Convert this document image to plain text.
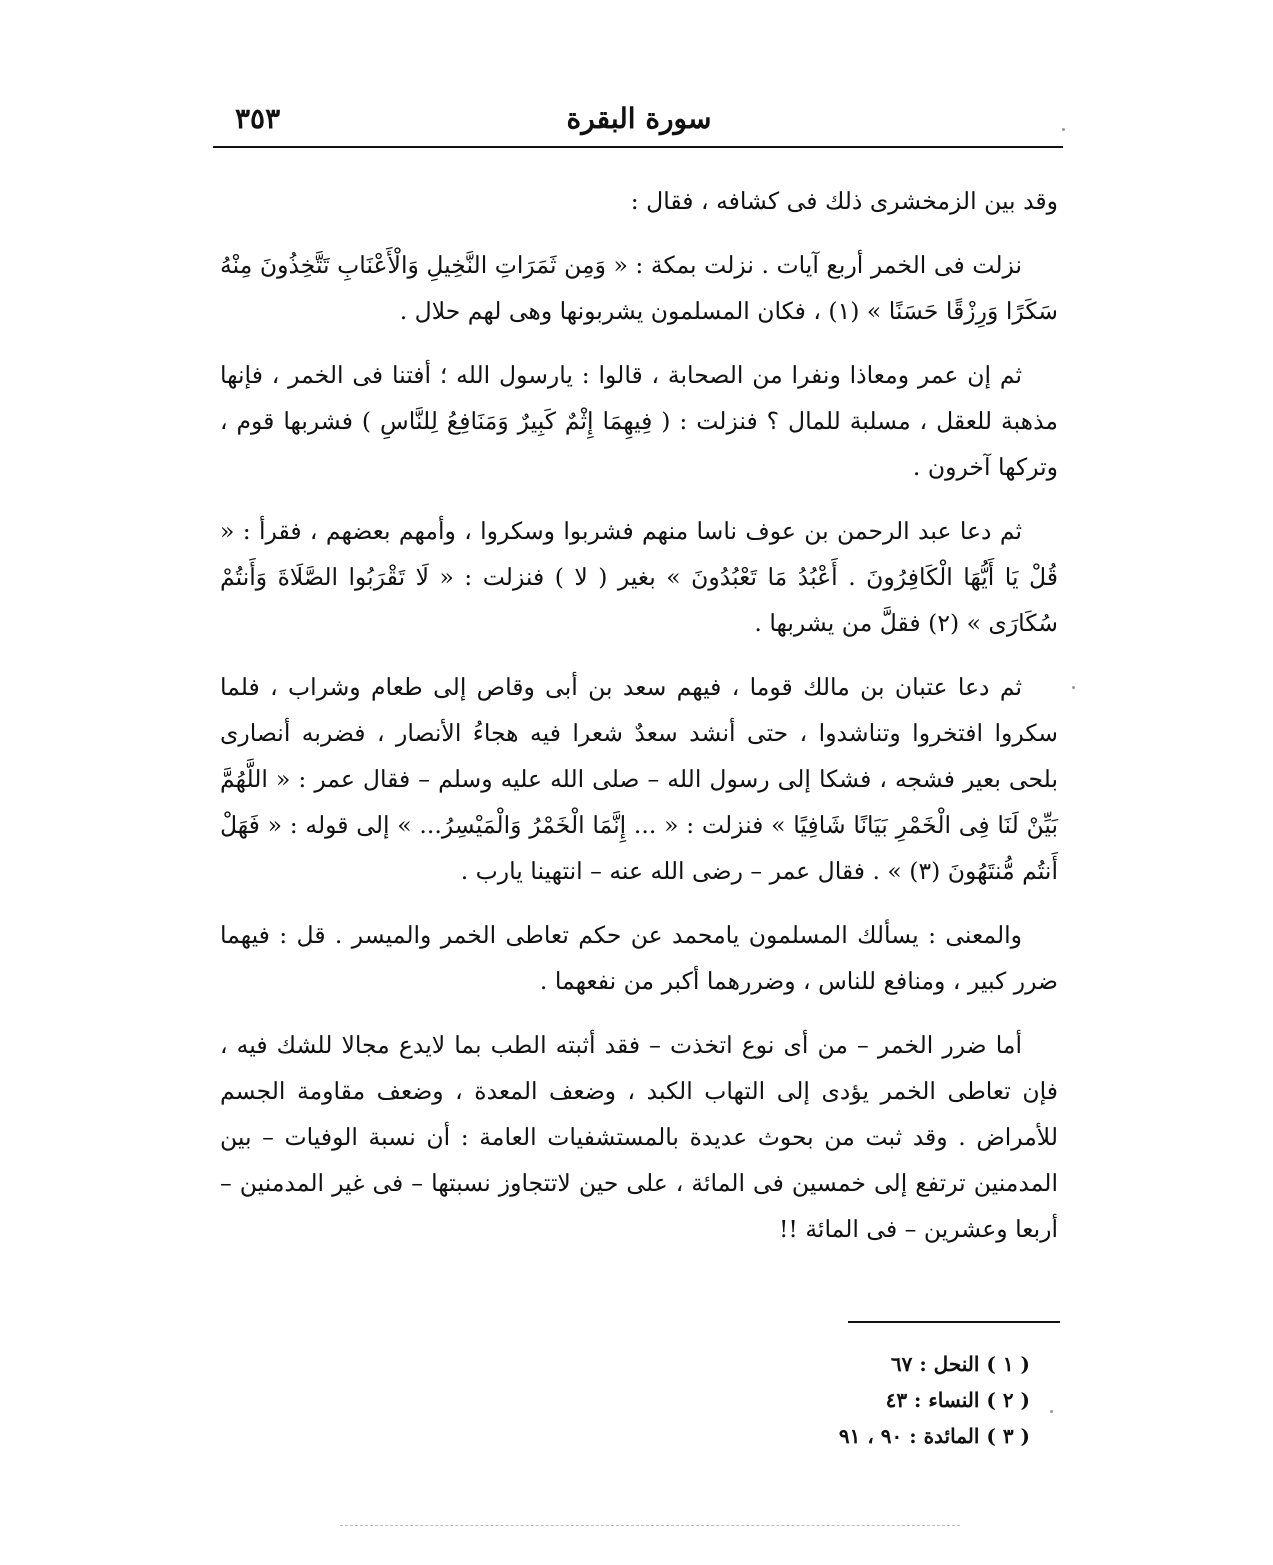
سورة البقرة
٣٥٣

وقد بين الزمخشرى ذلك فى كشافه ، فقال :

نزلت فى الخمر أربع آيات . نزلت بمكة : « وَمِن ثَمَرَاتِ النَّخِيلِ وَالْأَعْنَابِ تَتَّخِذُونَ مِنْهُ سَكَرًا وَرِزْقًا حَسَنًا » (١) ، فكان المسلمون يشربونها وهى لهم حلال .

ثم إن عمر ومعاذا ونفرا من الصحابة ، قالوا : يارسول الله ؛ أفتنا فى الخمر ، فإنها مذهبة للعقل ، مسلبة للمال ؟ فنزلت : ( فِيهِمَا إِثْمٌ كَبِيرٌ وَمَنَافِعُ لِلنَّاسِ ) فشربها قوم ، وتركها آخرون .

ثم دعا عبد الرحمن بن عوف ناسا منهم فشربوا وسكروا ، وأمهم بعضهم ، فقرأ : « قُلْ يَا أَيُّهَا الْكَافِرُونَ . أَعْبُدُ مَا تَعْبُدُونَ » بغير ( لا ) فنزلت : « لَا تَقْرَبُوا الصَّلَاةَ وَأَنتُمْ سُكَارَى » (٢) فقلَّ من يشربها .

ثم دعا عتبان بن مالك قوما ، فيهم سعد بن أبى وقاص إلى طعام وشراب ، فلما سكروا افتخروا وتناشدوا ، حتى أنشد سعدٌ شعرا فيه هجاءُ الأنصار ، فضربه أنصارى بلحى بعير فشجه ، فشكا إلى رسول الله – صلى الله عليه وسلم – فقال عمر : « اللَّهُمَّ بَيِّنْ لَنَا فِى الْخَمْرِ بَيَانًا شَافِيًا » فنزلت : « ... إِنَّمَا الْخَمْرُ وَالْمَيْسِرُ... » إلى قوله : « فَهَلْ أَنتُم مُّنتَهُونَ (٣) » . فقال عمر – رضى الله عنه – انتهينا يارب .

والمعنى : يسألك المسلمون يامحمد عن حكم تعاطى الخمر والميسر . قل : فيهما ضرر كبير ، ومنافع للناس ، وضررهما أكبر من نفعهما .

أما ضرر الخمر – من أى نوع اتخذت – فقد أثبته الطب بما لايدع مجالا للشك فيه ، فإن تعاطى الخمر يؤدى إلى التهاب الكبد ، وضعف المعدة ، وضعف مقاومة الجسم للأمراض . وقد ثبت من بحوث عديدة بالمستشفيات العامة : أن نسبة الوفيات – بين المدمنين ترتفع إلى خمسين فى المائة ، على حين لاتتجاوز نسبتها – فى غير المدمنين – أربعا وعشرين – فى المائة !!

( ١ ) النحل : ٦٧
( ٢ ) النساء : ٤٣
( ٣ ) المائدة : ٩٠ ، ٩١
